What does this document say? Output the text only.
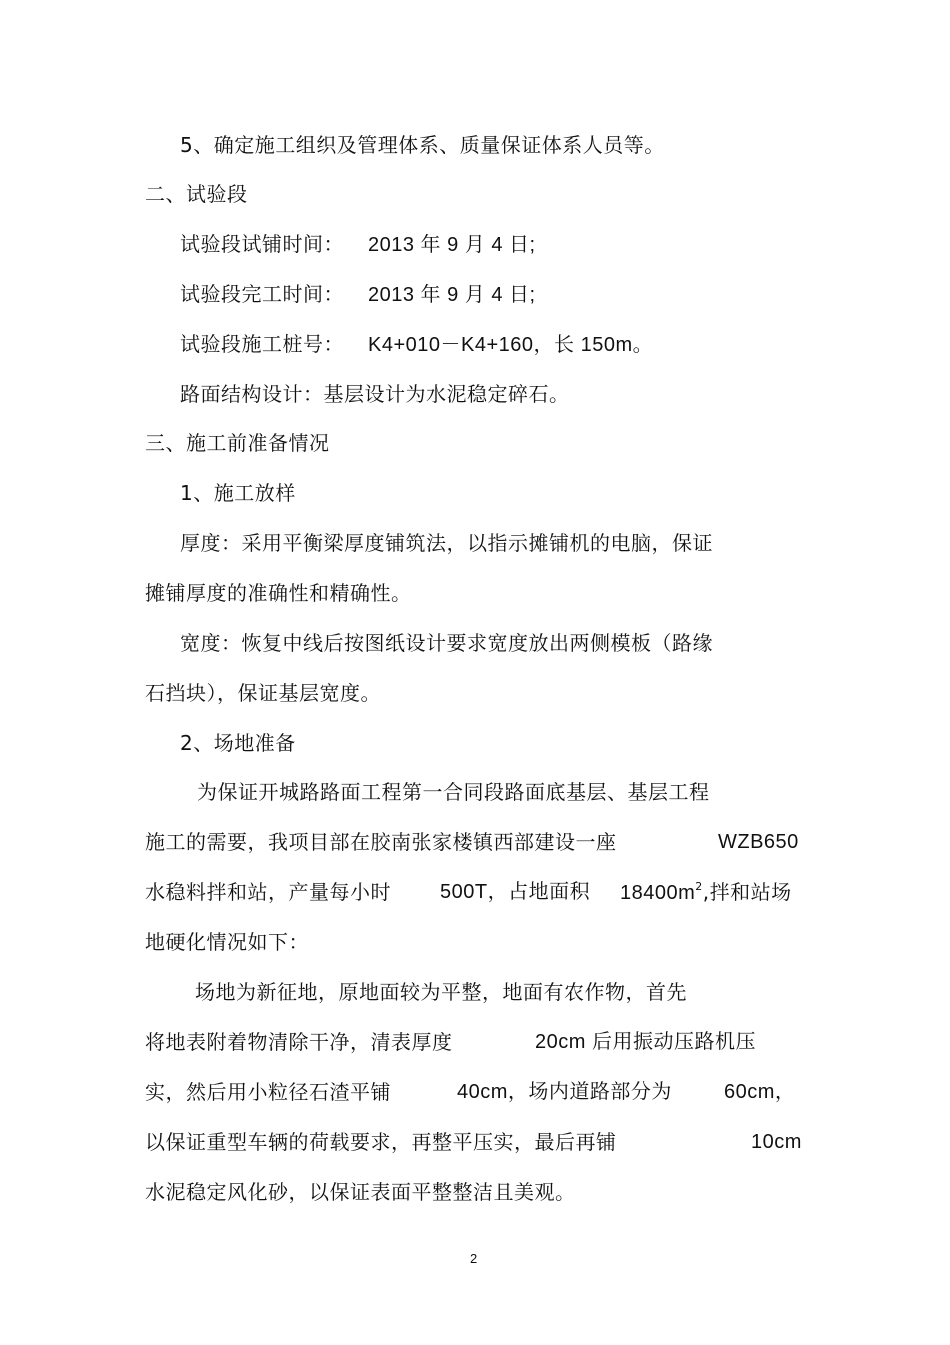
5、确定施工组织及管理体系、质量保证体系人员等。
二、试验段
试验段试铺时间： 2013 年 9 月 4 日;
试验段完工时间： 2013 年 9 月 4 日;
试验段施工桩号： K4+010－K4+160，长 150m。
路面结构设计：基层设计为水泥稳定碎石。
三、施工前准备情况
1、施工放样
厚度：采用平衡梁厚度铺筑法，以指示摊铺机的电脑，保证
摊铺厚度的准确性和精确性。
宽度：恢复中线后按图纸设计要求宽度放出两侧模板（路缘
石挡块），保证基层宽度。
2、场地准备
为保证开城路路面工程第一合同段路面底基层、基层工程
施工的需要，我项目部在胶南张家楼镇西部建设一座	WZB650
水稳料拌和站，产量每小时 500T，占地面积 $18400m^2$,拌和站场
地硬化情况如下：
场地为新征地，原地面较为平整，地面有农作物，首先
将地表附着物清除干净，清表厚度	20cm 后用振动压路机压
实，然后用小粒径石渣平铺	40cm，场内道路部分为	60cm，
以保证重型车辆的荷载要求，再整平压实，最后再铺	10cm
水泥稳定风化砂，以保证表面平整整洁且美观。
2
